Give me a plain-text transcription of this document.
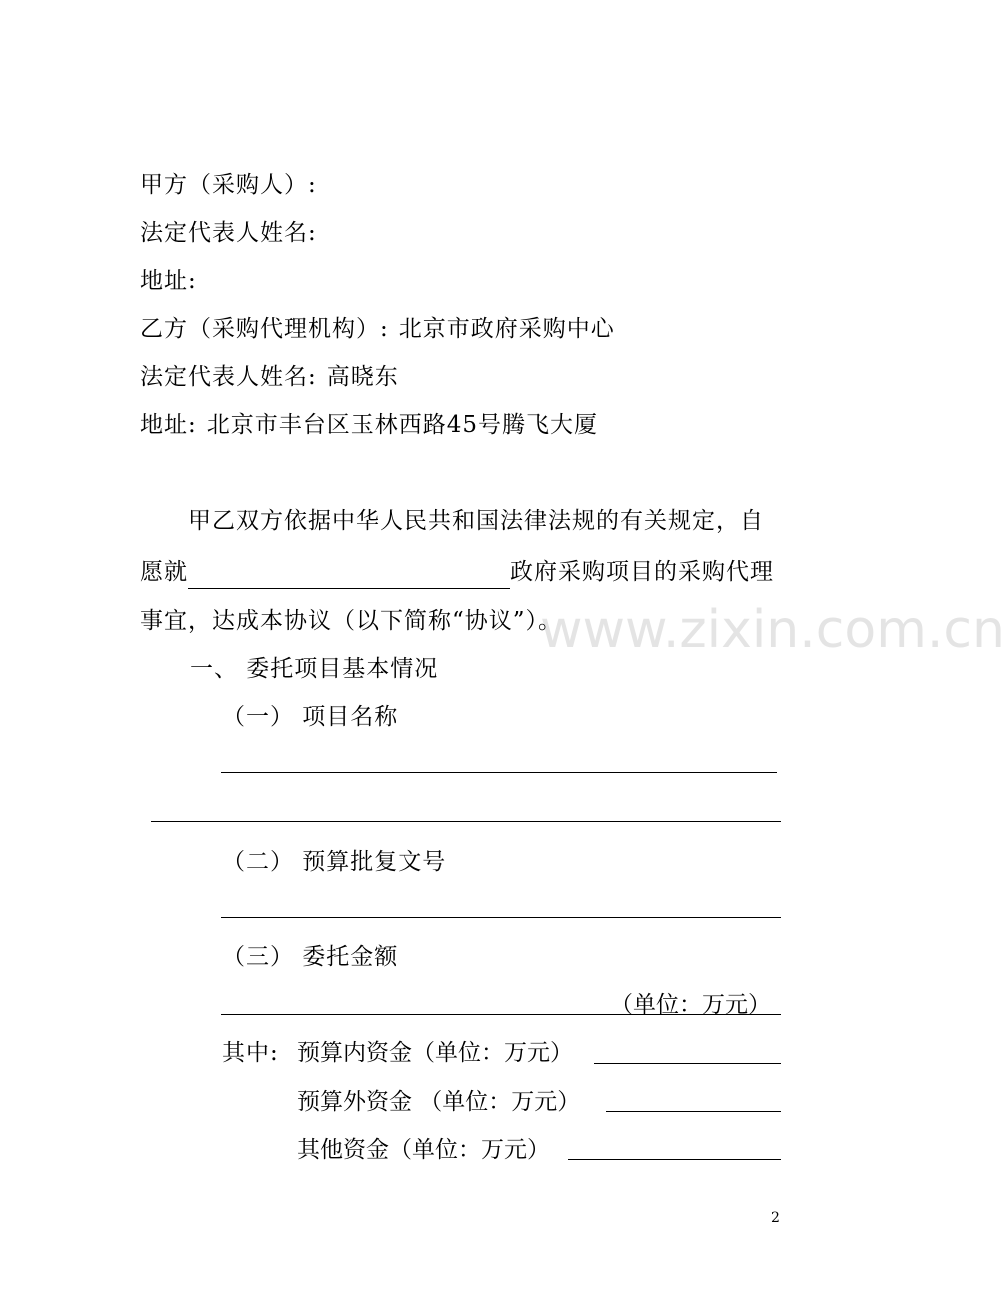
www.zixin.com.cn
甲方（采购人）:
法定代表人姓名:
地址:
乙方（采购代理机构）: 北京市政府采购中心
法定代表人姓名: 高晓东
地址: 北京市丰台区玉林西路45号腾飞大厦
甲乙双方依据中华人民共和国法律法规的有关规定，自
愿就	政府采购项目的采购代理
事宜，达成本协议（以下简称“协议”）。
一、 委托项目基本情况
（一） 项目名称
（二） 预算批复文号
（三） 委托金额
（单位：万元）
其中: 预算内资金（单位：万元）
预算外资金 （单位：万元）
其他资金（单位：万元）
2
